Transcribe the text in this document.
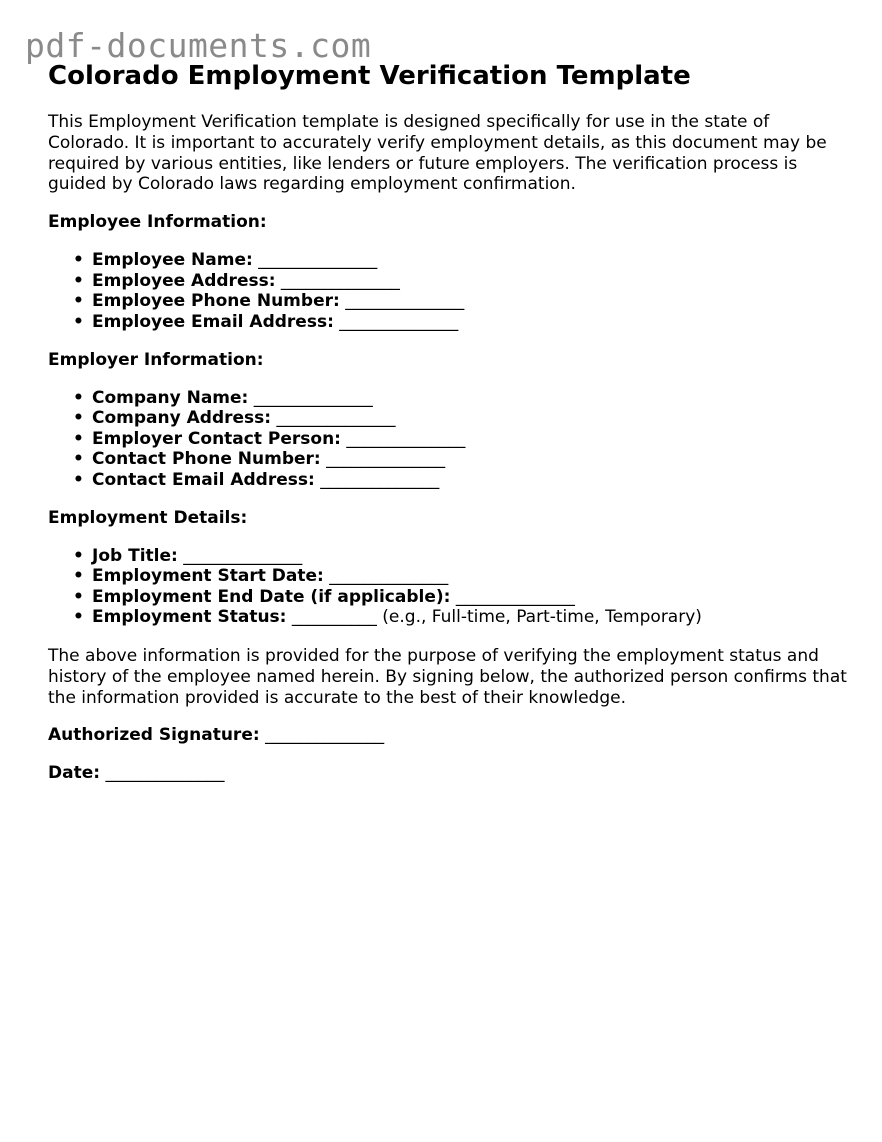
pdf-documents.com
Colorado Employment Verification Template

This Employment Verification template is designed specifically for use in the state of Colorado. It is important to accurately verify employment details, as this document may be required by various entities, like lenders or future employers. The verification process is guided by Colorado laws regarding employment confirmation.

Employee Information:
• Employee Name: ______________
• Employee Address: ______________
• Employee Phone Number: ______________
• Employee Email Address: ______________
Employer Information:
• Company Name: ______________
• Company Address: ______________
• Employer Contact Person: ______________
• Contact Phone Number: ______________
• Contact Email Address: ______________
Employment Details:
• Job Title: ______________
• Employment Start Date: ______________
• Employment End Date (if applicable): ______________
• Employment Status: __________ (e.g., Full-time, Part-time, Temporary)

The above information is provided for the purpose of verifying the employment status and history of the employee named herein. By signing below, the authorized person confirms that the information provided is accurate to the best of their knowledge.

Authorized Signature: ______________
Date: ______________
